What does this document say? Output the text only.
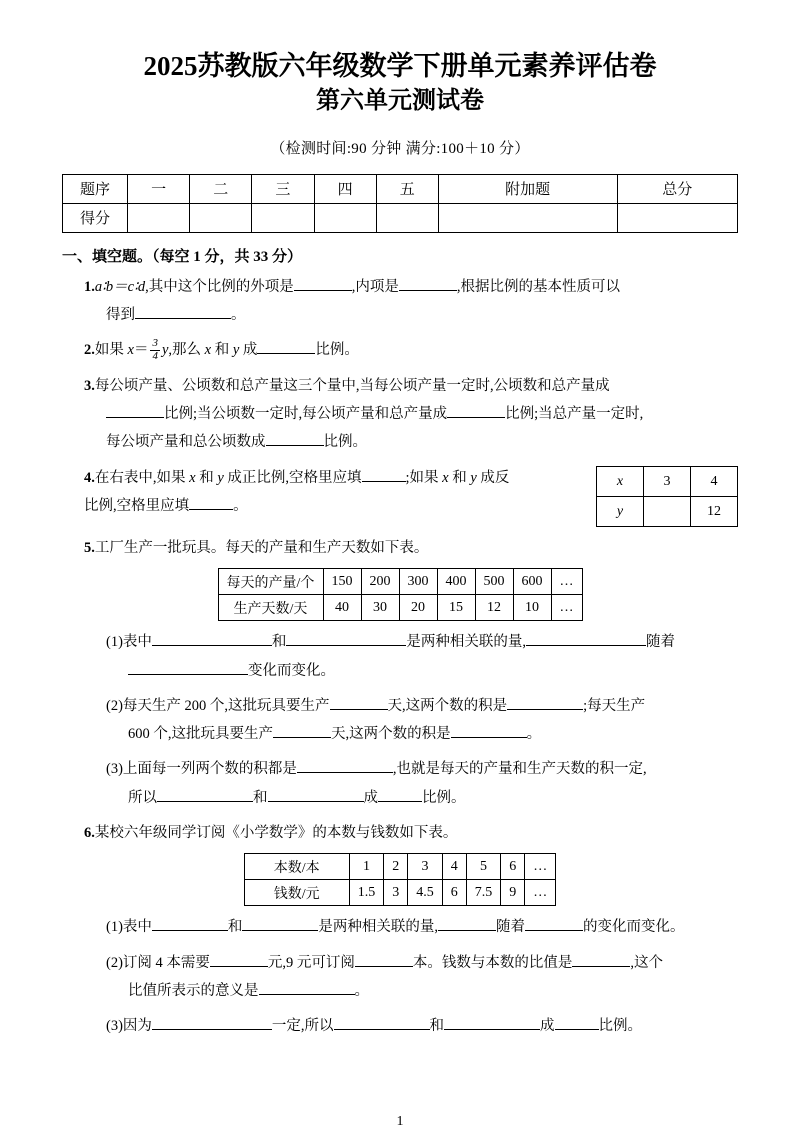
2025苏教版六年级数学下册单元素养评估卷
第六单元测试卷
（检测时间:90 分钟 满分:100＋10 分）
题序	一	二	三	四	五	附加题	总分
得分							
一、填空题。（每空 1 分，共 33 分）
1.a∶b＝c∶d,其中这个比例的外项是	,内项是	,根据比例的基本性质可以
得到	。
2.如果 $x= \frac{3}{4} y$,那么 x 和 y 成	比例。
3.每公顷产量、公顷数和总产量这三个量中,当每公顷产量一定时,公顷数和总产量成
比例;当公顷数一定时,每公顷产量和总产量成	比例;当总产量一定时,
每公顷产量和总公顷数成	比例。
x	3	4
y		12
4.在右表中,如果 x 和 y 成正比例,空格里应填	;如果 x 和 y 成反
比例,空格里应填	。
5.工厂生产一批玩具。每天的产量和生产天数如下表。
每天的产量/个	150	200	300	400	500	600	…
生产天数/天	40	30	20	15	12	10	…
(1)表中	和	是两种相关联的量,	随着
变化而变化。
(2)每天生产 200 个,这批玩具要生产	天,这两个数的积是	;每天生产
600 个,这批玩具要生产	天,这两个数的积是	。
(3)上面每一列两个数的积都是	,也就是每天的产量和生产天数的积一定,
所以	和	成	比例。
6.某校六年级同学订阅《小学数学》的本数与钱数如下表。
本数/本	1	2	3	4	5	6	…
钱数/元	1.5	3	4.5	6	7.5	9	…
(1)表中	和	是两种相关联的量,	随着	的变化而变化。
(2)订阅 4 本需要	元,9 元可订阅	本。钱数与本数的比值是	,这个
比值所表示的意义是	。
(3)因为	一定,所以	和	成	比例。
1
